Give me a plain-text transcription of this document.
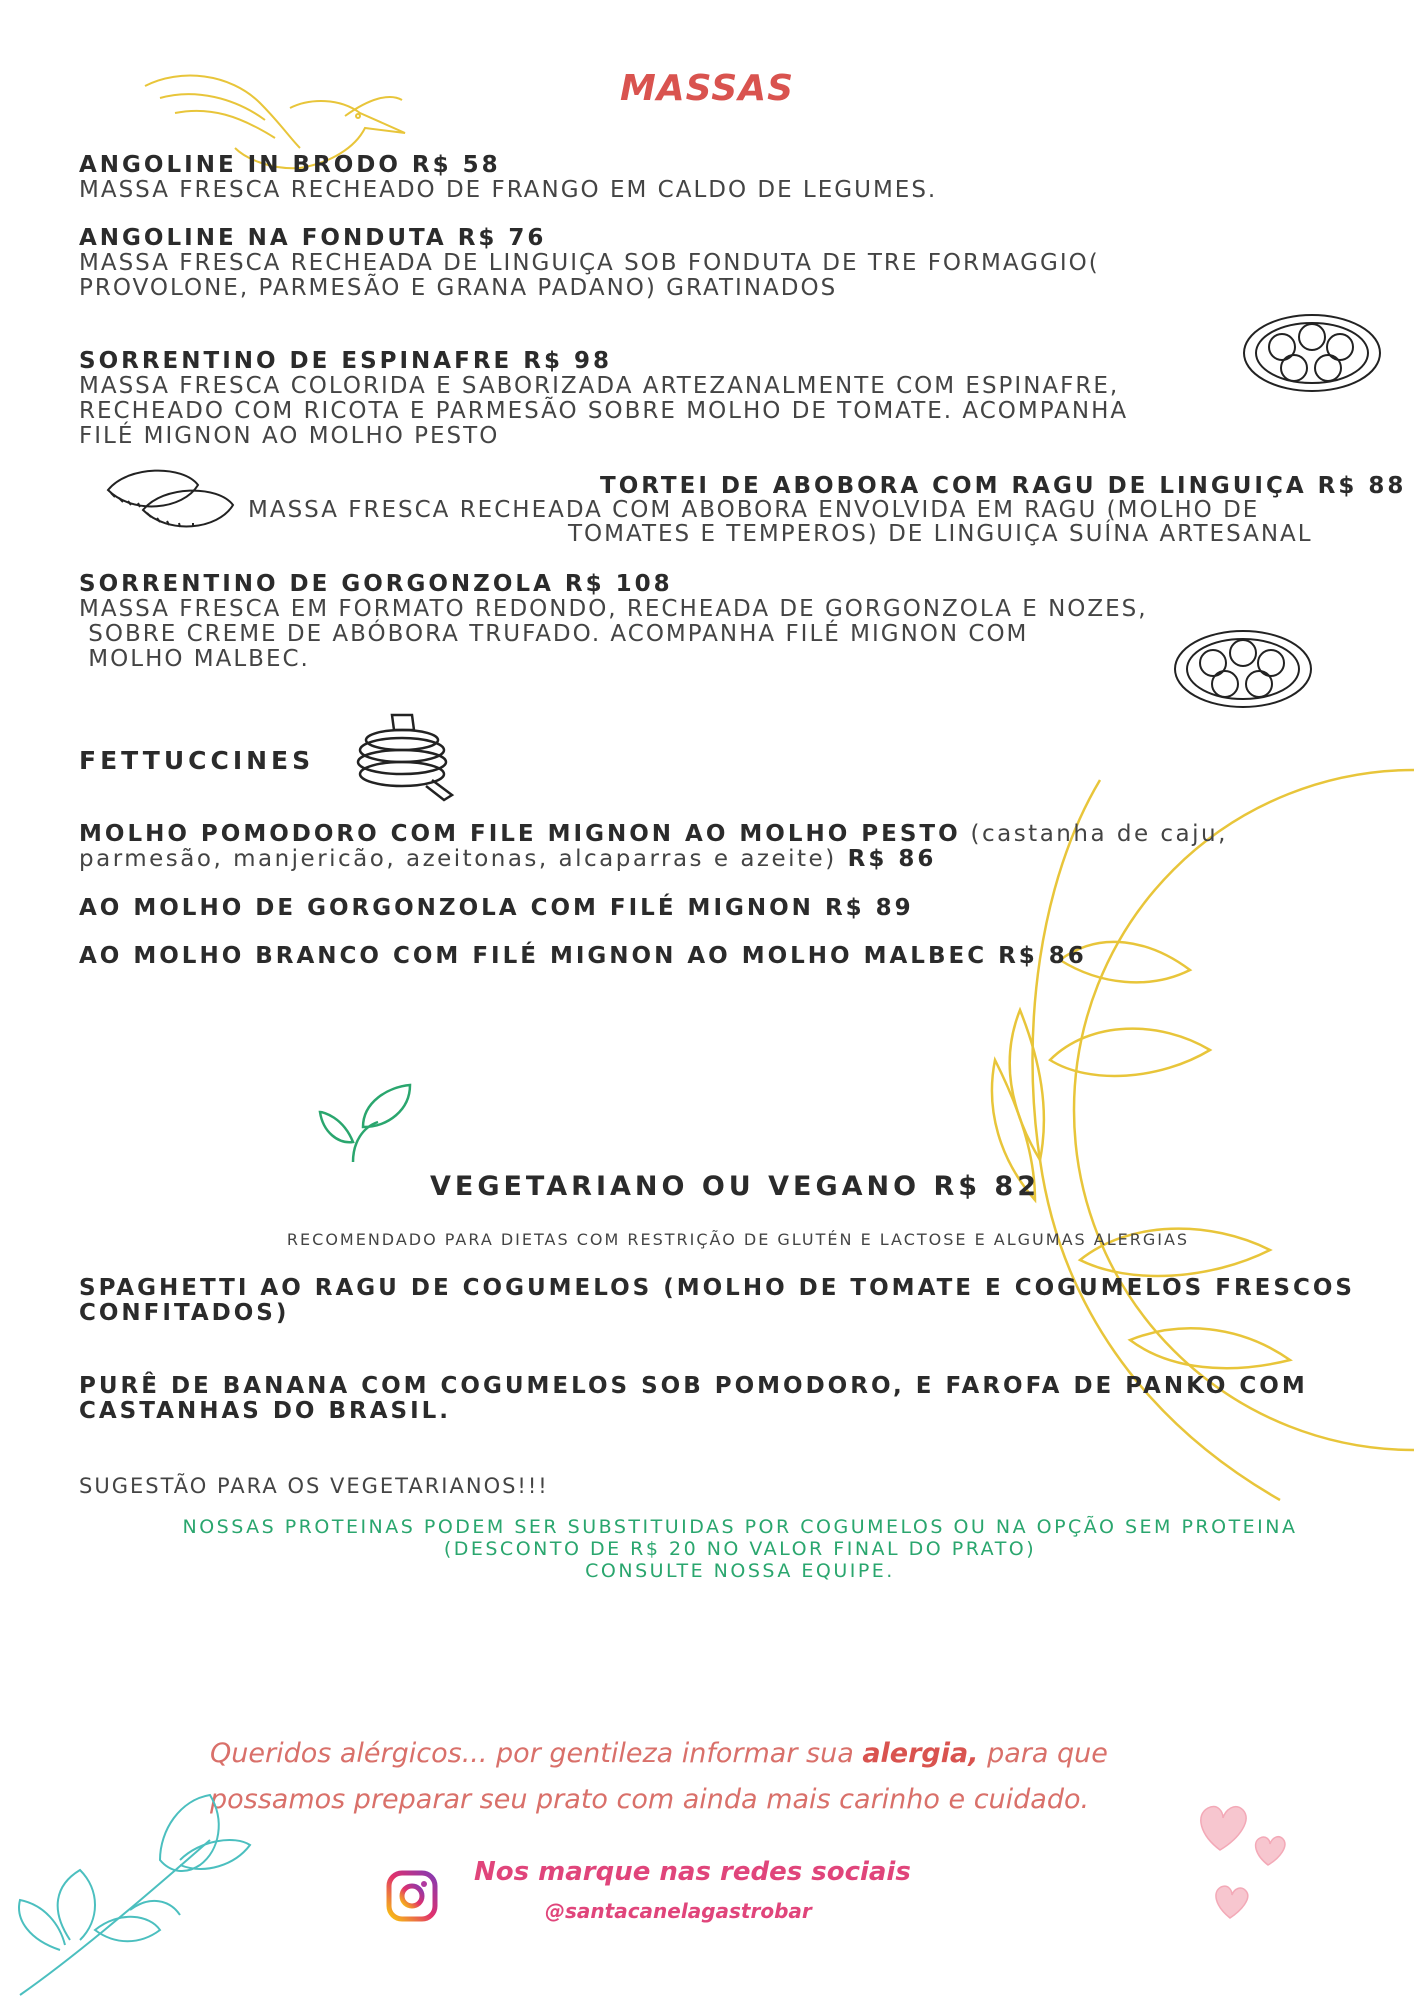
MASSAS
ANGOLINE IN BRODO R$ 58
MASSA FRESCA RECHEADO DE FRANGO EM CALDO DE LEGUMES.
ANGOLINE NA FONDUTA R$ 76
MASSA FRESCA RECHEADA DE LINGUIÇA SOB FONDUTA DE TRE FORMAGGIO(
PROVOLONE, PARMESÃO E GRANA PADANO) GRATINADOS
SORRENTINO DE ESPINAFRE R$ 98
MASSA FRESCA COLORIDA E SABORIZADA ARTEZANALMENTE COM ESPINAFRE,
RECHEADO COM RICOTA E PARMESÃO SOBRE MOLHO DE TOMATE. ACOMPANHA
FILÉ MIGNON AO MOLHO PESTO
TORTEI DE ABOBORA COM RAGU DE LINGUIÇA R$ 88
MASSA FRESCA RECHEADA COM ABOBORA ENVOLVIDA EM RAGU (MOLHO DE
TOMATES E TEMPEROS) DE LINGUIÇA SUÍNA ARTESANAL
SORRENTINO DE GORGONZOLA R$ 108
MASSA FRESCA EM FORMATO REDONDO, RECHEADA DE GORGONZOLA E NOZES,
SOBRE CREME DE ABÓBORA TRUFADO. ACOMPANHA FILÉ MIGNON COM
MOLHO MALBEC.
FETTUCCINES
MOLHO POMODORO COM FILE MIGNON AO MOLHO PESTO (castanha de caju,
parmesão, manjericão, azeitonas, alcaparras e azeite) R$ 86
AO MOLHO DE GORGONZOLA COM FILÉ MIGNON R$ 89
AO MOLHO BRANCO COM FILÉ MIGNON AO MOLHO MALBEC R$ 86
VEGETARIANO OU VEGANO R$ 82
RECOMENDADO PARA DIETAS COM RESTRIÇÃO DE GLUTÉN E LACTOSE E ALGUMAS ALERGIAS
SPAGHETTI AO RAGU DE COGUMELOS (MOLHO DE TOMATE E COGUMELOS FRESCOS
CONFITADOS)
PURÊ DE BANANA COM COGUMELOS SOB POMODORO, E FAROFA DE PANKO COM
CASTANHAS DO BRASIL.
SUGESTÃO PARA OS VEGETARIANOS!!!
NOSSAS PROTEINAS PODEM SER SUBSTITUIDAS POR COGUMELOS OU NA OPÇÃO SEM PROTEINA
(DESCONTO DE R$ 20 NO VALOR FINAL DO PRATO)
CONSULTE NOSSA EQUIPE.
Queridos alérgicos... por gentileza informar sua alergia, para que
possamos preparar seu prato com ainda mais carinho e cuidado.
Nos marque nas redes sociais
@santacanelagastrobar
